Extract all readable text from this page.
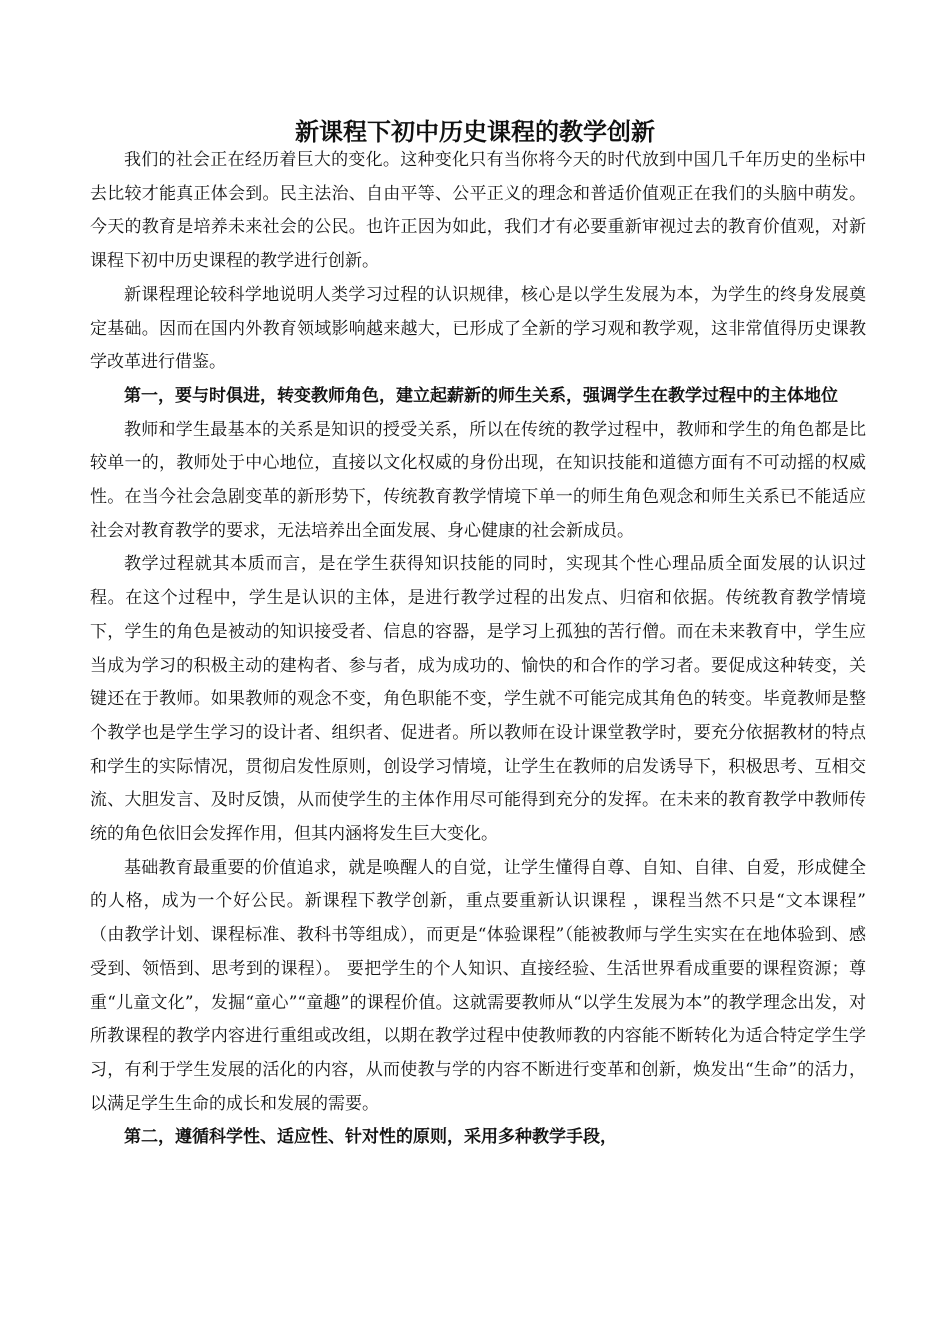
新课程下初中历史课程的教学创新

我们的社会正在经历着巨大的变化。这种变化只有当你将今天的时代放到中国几千年历史的坐标中去比较才能真正体会到。民主法治、自由平等、公平正义的理念和普适价值观正在我们的头脑中萌发。今天的教育是培养未来社会的公民。也许正因为如此，我们才有必要重新审视过去的教育价值观，对新课程下初中历史课程的教学进行创新。

新课程理论较科学地说明人类学习过程的认识规律，核心是以学生发展为本，为学生的终身发展奠定基础。因而在国内外教育领域影响越来越大，已形成了全新的学习观和教学观，这非常值得历史课教学改革进行借鉴。

第一，要与时俱进，转变教师角色，建立起薪新的师生关系，强调学生在教学过程中的主体地位

教师和学生最基本的关系是知识的授受关系，所以在传统的教学过程中，教师和学生的角色都是比较单一的，教师处于中心地位，直接以文化权威的身份出现，在知识技能和道德方面有不可动摇的权威性。在当今社会急剧变革的新形势下，传统教育教学情境下单一的师生角色观念和师生关系已不能适应社会对教育教学的要求，无法培养出全面发展、身心健康的社会新成员。

教学过程就其本质而言，是在学生获得知识技能的同时，实现其个性心理品质全面发展的认识过程。在这个过程中，学生是认识的主体，是进行教学过程的出发点、归宿和依据。传统教育教学情境下，学生的角色是被动的知识接受者、信息的容器，是学习上孤独的苦行僧。而在未来教育中，学生应当成为学习的积极主动的建构者、参与者，成为成功的、愉快的和合作的学习者。要促成这种转变，关键还在于教师。如果教师的观念不变，角色职能不变，学生就不可能完成其角色的转变。毕竟教师是整个教学也是学生学习的设计者、组织者、促进者。所以教师在设计课堂教学时，要充分依据教材的特点和学生的实际情况，贯彻启发性原则，创设学习情境，让学生在教师的启发诱导下，积极思考、互相交流、大胆发言、及时反馈，从而使学生的主体作用尽可能得到充分的发挥。在未来的教育教学中教师传统的角色依旧会发挥作用，但其内涵将发生巨大变化。

基础教育最重要的价值追求，就是唤醒人的自觉，让学生懂得自尊、自知、自律、自爱，形成健全的人格，成为一个好公民。新课程下教学创新，重点要重新认识课程 ，课程当然不只是“文本课程” （由教学计划、课程标准、教科书等组成），而更是“体验课程”（能被教师与学生实实在在地体验到、感受到、领悟到、思考到的课程）。 要把学生的个人知识、直接经验、生活世界看成重要的课程资源；尊重“儿童文化”，发掘“童心”“童趣”的课程价值。这就需要教师从“以学生发展为本”的教学理念出发，对所教课程的教学内容进行重组或改组，以期在教学过程中使教师教的内容能不断转化为适合特定学生学习，有利于学生发展的活化的内容，从而使教与学的内容不断进行变革和创新，焕发出“生命”的活力，以满足学生生命的成长和发展的需要。

第二，遵循科学性、适应性、针对性的原则，采用多种教学手段，
